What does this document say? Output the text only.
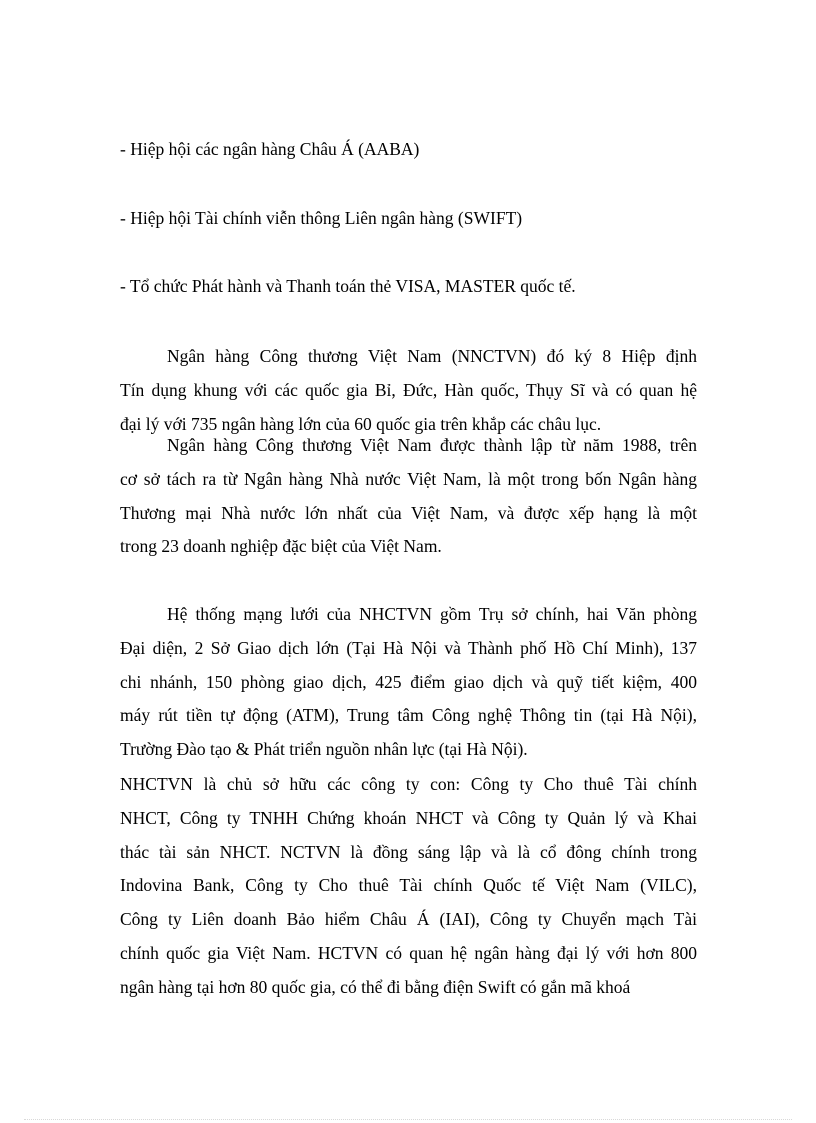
- Hiệp hội các ngân hàng Châu Á (AABA)
- Hiệp hội Tài chính viễn thông Liên ngân hàng (SWIFT)
- Tổ chức Phát hành và Thanh toán thẻ VISA, MASTER quốc tế.
Ngân hàng Công thương Việt Nam (NNCTVN) đó ký 8 Hiệp định
Tín dụng khung với các quốc gia Bỉ, Đức, Hàn quốc, Thụy Sĩ và có quan hệ
đại lý với 735 ngân hàng lớn của 60 quốc gia trên khắp các châu lục.
Ngân hàng Công thương Việt Nam được thành lập từ năm 1988, trên
cơ sở tách ra từ Ngân hàng Nhà nước Việt Nam, là một trong bốn Ngân hàng
Thương mại Nhà nước lớn nhất của Việt Nam, và được xếp hạng là một
trong 23 doanh nghiệp đặc biệt của Việt Nam.
Hệ thống mạng lưới của NHCTVN gồm Trụ sở chính, hai Văn phòng
Đại diện, 2 Sở Giao dịch lớn (Tại Hà Nội và Thành phố Hồ Chí Minh), 137
chi nhánh, 150 phòng giao dịch, 425 điểm giao dịch và quỹ tiết kiệm, 400
máy rút tiền tự động (ATM), Trung tâm Công nghệ Thông tin (tại Hà Nội),
Trường Đào tạo & Phát triển nguồn nhân lực (tại Hà Nội).
NHCTVN là chủ sở hữu các công ty con: Công ty Cho thuê Tài chính
NHCT, Công ty TNHH Chứng khoán NHCT và Công ty Quản lý và Khai
thác tài sản NHCT. NCTVN là đồng sáng lập và là cổ đông chính trong
Indovina Bank, Công ty Cho thuê Tài chính Quốc tế Việt Nam (VILC),
Công ty Liên doanh Bảo hiểm Châu Á (IAI), Công ty Chuyển mạch Tài
chính quốc gia Việt Nam. HCTVN có quan hệ ngân hàng đại lý với hơn 800
ngân hàng tại hơn 80 quốc gia, có thể đi bằng điện Swift có gắn mã khoá
